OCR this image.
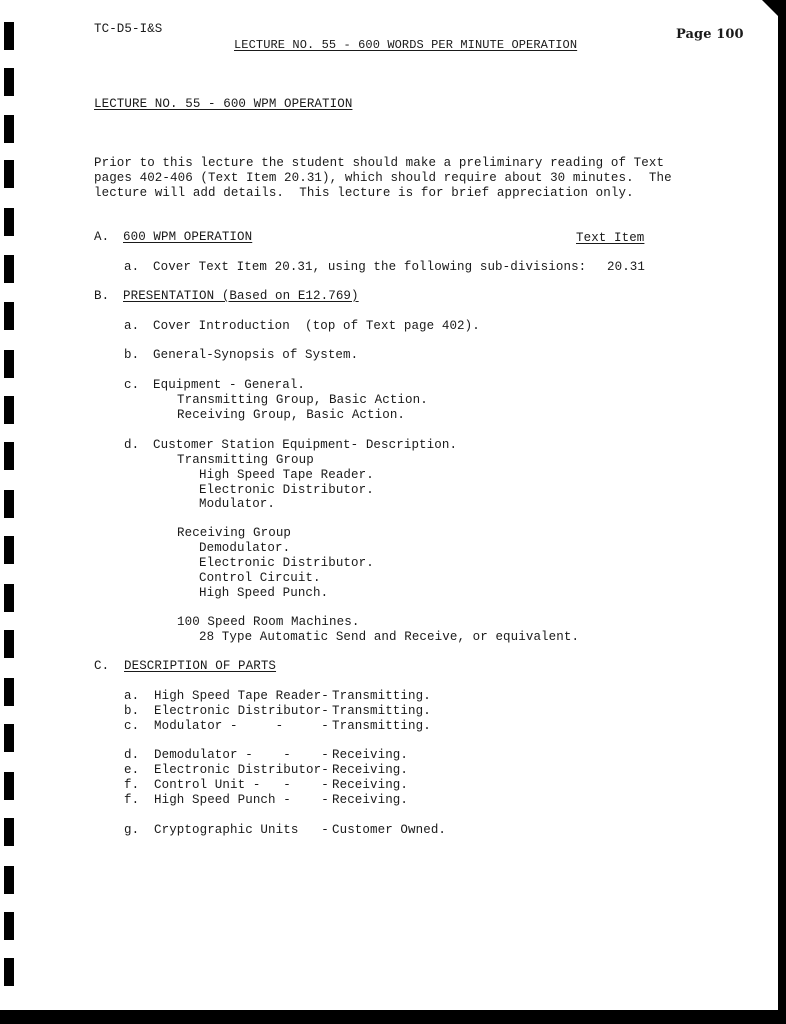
TC-D5-I&S	Page 100
LECTURE NO. 55 - 600 WORDS PER MINUTE OPERATION
LECTURE NO. 55 - 600 WPM OPERATION
Prior to this lecture the student should make a preliminary reading of Text
pages 402-406 (Text Item 20.31), which should require about 30 minutes.  The
lecture will add details.  This lecture is for brief appreciation only.
A. 600 WPM OPERATION	Text Item
a. Cover Text Item 20.31, using the following sub-divisions: 20.31
B. PRESENTATION (Based on E12.769)
a. Cover Introduction  (top of Text page 402).
b. General-Synopsis of System.
c. Equipment - General.
Transmitting Group, Basic Action.
Receiving Group, Basic Action.
d. Customer Station Equipment- Description.
Transmitting Group
High Speed Tape Reader.
Electronic Distributor.
Modulator.
Receiving Group
Demodulator.
Electronic Distributor.
Control Circuit.
High Speed Punch.
100 Speed Room Machines.
28 Type Automatic Send and Receive, or equivalent.
C. DESCRIPTION OF PARTS
a. High Speed Tape Reader- Transmitting.
b. Electronic Distributor- Transmitting.
c. Modulator -     -     - Transmitting.
d. Demodulator -    -    - Receiving.
e. Electronic Distributor- Receiving.
f. Control Unit -   -    - Receiving.
f. High Speed Punch -    - Receiving.
g. Cryptographic Units   - Customer Owned.
